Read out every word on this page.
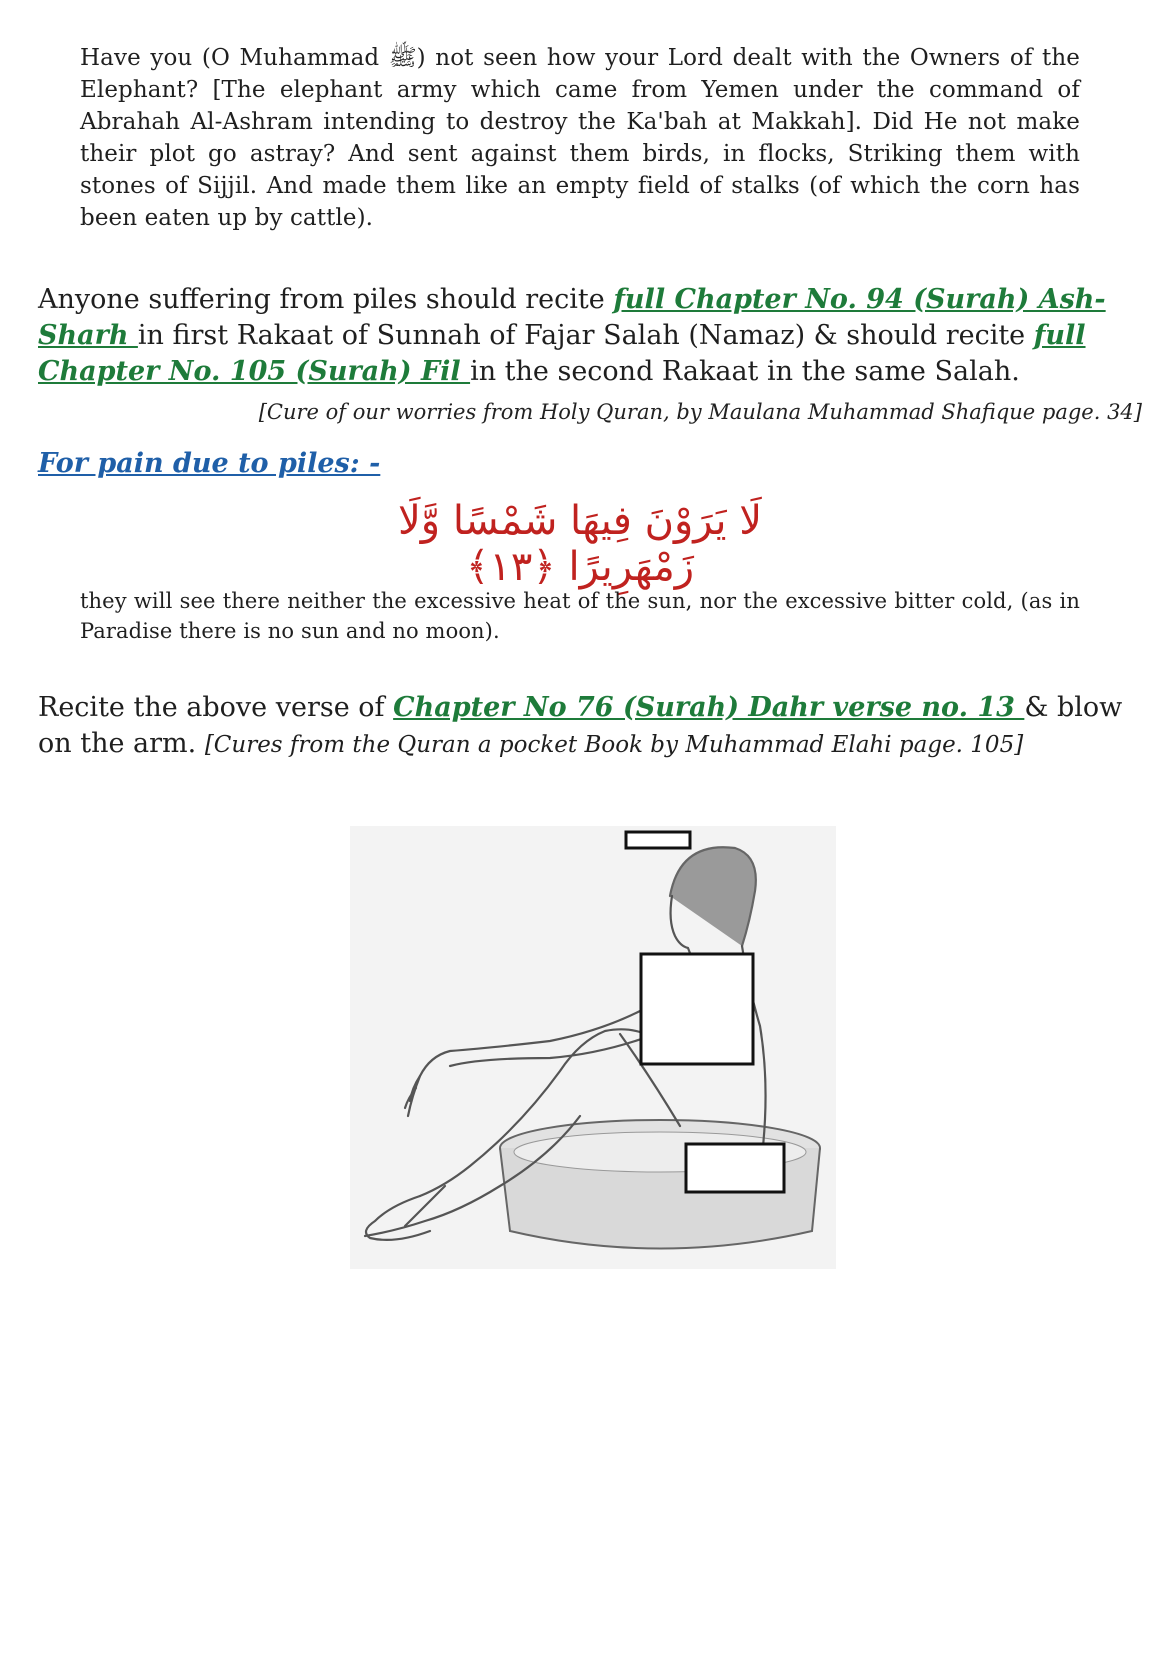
Have you (O Muhammad ﷺ) not seen how your Lord dealt with the Owners of the Elephant? [The elephant army which came from Yemen under the command of Abrahah Al-Ashram intending to destroy the Ka'bah at Makkah]. Did He not make their plot go astray? And sent against them birds, in flocks, Striking them with stones of Sijjil. And made them like an empty field of stalks (of which the corn has been eaten up by cattle).

Anyone suffering from piles should recite full Chapter No. 94 (Surah) Ash-Sharh in first Rakaat of Sunnah of Fajar Salah (Namaz) & should recite full Chapter No. 105 (Surah) Fil in the second Rakaat in the same Salah.

[Cure of our worries from Holy Quran, by Maulana Muhammad Shafique page. 34]
For pain due to piles: -
لَا يَرَوْنَ فِيهَا شَمْسًا وَّلَا زَمْهَرِيرًا ﴿١٣﴾

they will see there neither the excessive heat of the sun, nor the excessive bitter cold, (as in Paradise there is no sun and no moon).

Recite the above verse of Chapter No 76 (Surah) Dahr verse no. 13 & blow on the arm. [Cures from the Quran a pocket Book by Muhammad Elahi page. 105]
